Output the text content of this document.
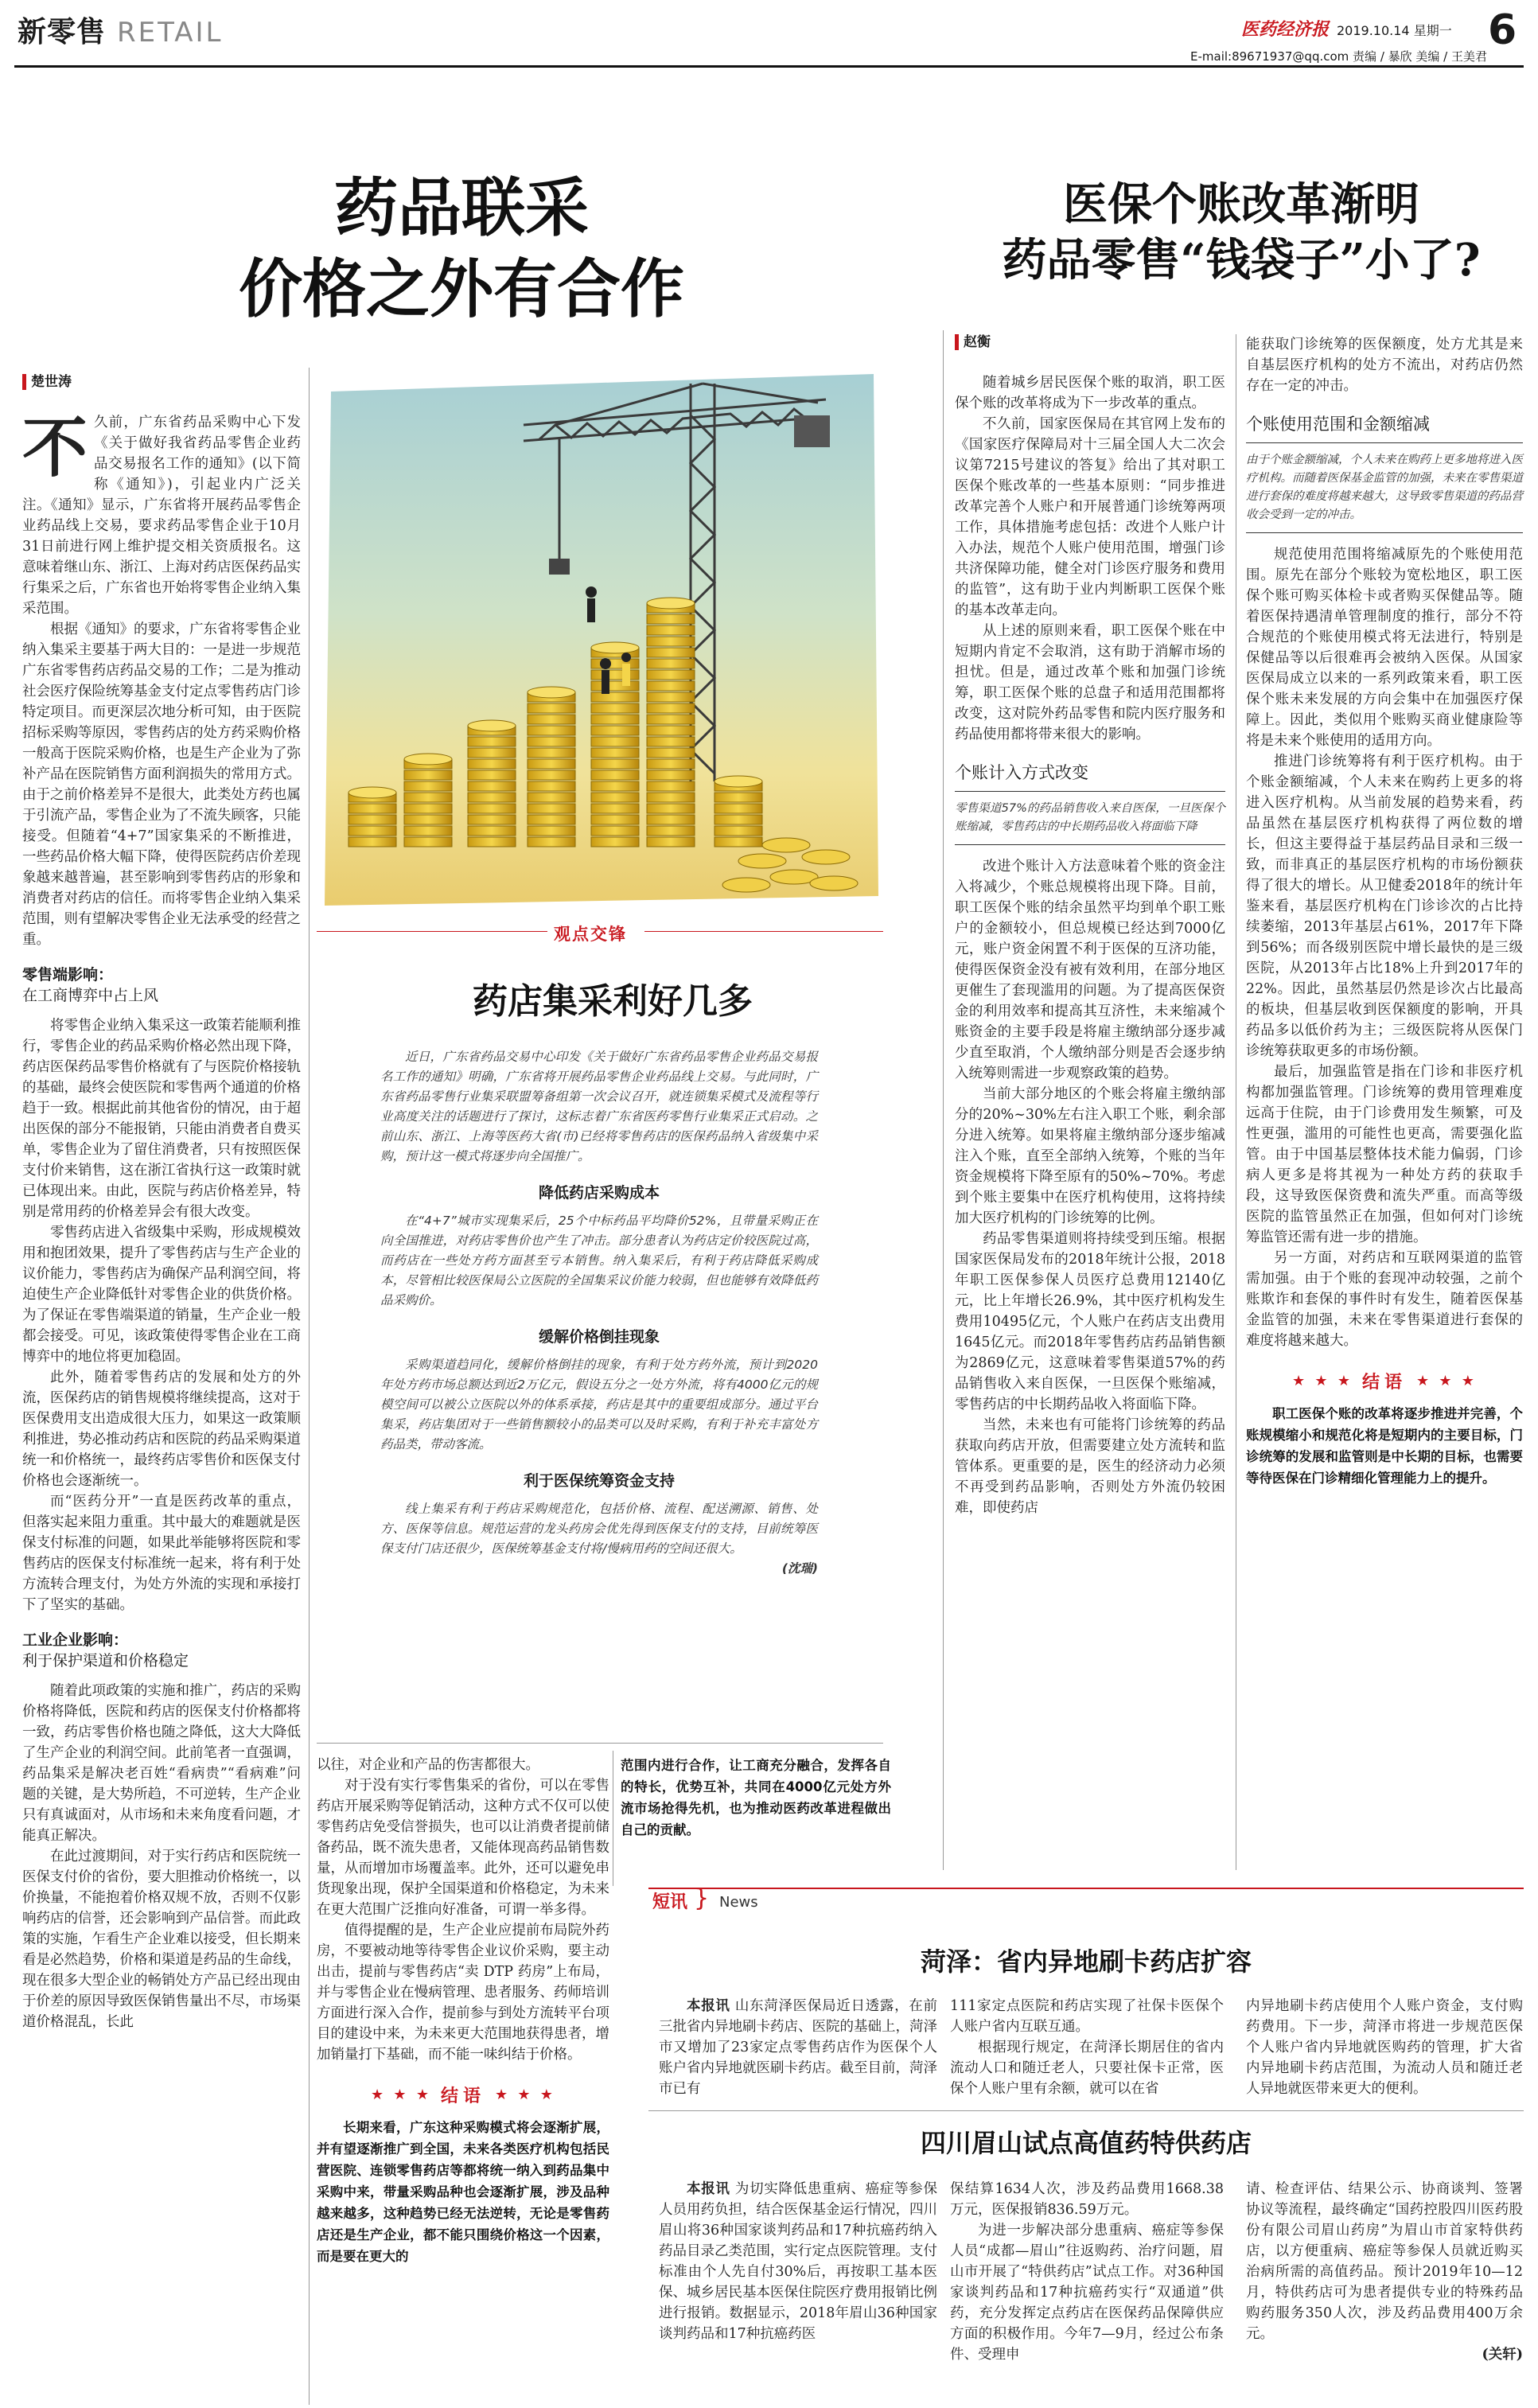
新零售 RETAIL	医药经济报 2019.10.14 星期一 6
E-mail:89671937@qq.com 责编 / 暴欣 美编 / 王美君
药品联采
价格之外有合作
医保个账改革渐明
药品零售“钱袋子”小了?
楚世涛
不 久前，广东省药品采购中心下发《关于做好我省药品零售企业药品交易报名工作的通知》(以下简称《通知》)，引起业内广泛关注。《通知》显示，广东省将开展药品零售企业药品线上交易，要求药品零售企业于10月31日前进行网上维护提交相关资质报名。这意味着继山东、浙江、上海对药店医保药品实行集采之后，广东省也开始将零售企业纳入集采范围。

根据《通知》的要求，广东省将零售企业纳入集采主要基于两大目的：一是进一步规范广东省零售药店药品交易的工作；二是为推动社会医疗保险统筹基金支付定点零售药店门诊特定项目。而更深层次地分析可知，由于医院招标采购等原因，零售药店的处方药采购价格一般高于医院采购价格，也是生产企业为了弥补产品在医院销售方面利润损失的常用方式。由于之前价格差异不是很大，此类处方药也属于引流产品，零售企业为了不流失顾客，只能接受。但随着“4+7”国家集采的不断推进，一些药品价格大幅下降，使得医院药店价差现象越来越普遍，甚至影响到零售药店的形象和消费者对药店的信任。而将零售企业纳入集采范围，则有望解决零售企业无法承受的经营之重。

零售端影响：
在工商博弈中占上风

将零售企业纳入集采这一政策若能顺利推行，零售企业的药品采购价格必然出现下降，药店医保药品零售价格就有了与医院价格接轨的基础，最终会使医院和零售两个通道的价格趋于一致。根据此前其他省份的情况，由于超出医保的部分不能报销，只能由消费者自费买单，零售企业为了留住消费者，只有按照医保支付价来销售，这在浙江省执行这一政策时就已体现出来。由此，医院与药店价格差异，特别是常用药的价格差异会有很大改变。

零售药店进入省级集中采购，形成规模效用和抱团效果，提升了零售药店与生产企业的议价能力，零售药店为确保产品利润空间，将迫使生产企业降低针对零售企业的供货价格。为了保证在零售端渠道的销量，生产企业一般都会接受。可见，该政策使得零售企业在工商博弈中的地位将更加稳固。

此外，随着零售药店的发展和处方的外流，医保药店的销售规模将继续提高，这对于医保费用支出造成很大压力，如果这一政策顺利推进，势必推动药店和医院的药品采购渠道统一和价格统一，最终药店零售价和医保支付价格也会逐渐统一。

而“医药分开”一直是医药改革的重点，但落实起来阻力重重。其中最大的难题就是医保支付标准的问题，如果此举能够将医院和零售药店的医保支付标准统一起来，将有利于处方流转合理支付，为处方外流的实现和承接打下了坚实的基础。

工业企业影响：
利于保护渠道和价格稳定

随着此项政策的实施和推广，药店的采购价格将降低，医院和药店的医保支付价格都将一致，药店零售价格也随之降低，这大大降低了生产企业的利润空间。此前笔者一直强调，药品集采是解决老百姓“看病贵”“看病难”问题的关键，是大势所趋，不可逆转，生产企业只有真诚面对，从市场和未来角度看问题，才能真正解决。

在此过渡期间，对于实行药店和医院统一医保支付价的省份，要大胆推动价格统一，以价换量，不能抱着价格双规不放，否则不仅影响药店的信誉，还会影响到产品信誉。而此政策的实施，乍看生产企业难以接受，但长期来看是必然趋势，价格和渠道是药品的生命线，现在很多大型企业的畅销处方产品已经出现由于价差的原因导致医保销售量出不尽，市场渠道价格混乱，长此

观点交锋
药店集采利好几多

近日，广东省药品交易中心印发《关于做好广东省药品零售企业药品交易报名工作的通知》明确，广东省将开展药品零售企业药品线上交易。与此同时，广东省药品零售行业集采联盟筹备组第一次会议召开，就连锁集采模式及流程等行业高度关注的话题进行了探讨，这标志着广东省医药零售行业集采正式启动。之前山东、浙江、上海等医药大省(市)已经将零售药店的医保药品纳入省级集中采购，预计这一模式将逐步向全国推广。

降低药店采购成本

在“4+7”城市实现集采后，25个中标药品平均降价52%，且带量采购正在向全国推进，对药店零售价也产生了冲击。部分患者认为药店定价较医院过高，而药店在一些处方药方面甚至亏本销售。纳入集采后，有利于药店降低采购成本，尽管相比较医保局公立医院的全国集采议价能力较弱，但也能够有效降低药品采购价。

缓解价格倒挂现象

采购渠道趋同化，缓解价格倒挂的现象，有利于处方药外流，预计到2020年处方药市场总额达到近2万亿元，假设五分之一处方外流，将有4000亿元的规模空间可以被公立医院以外的体系承接，药店是其中的重要组成部分。通过平台集采，药店集团对于一些销售额较小的品类可以及时采购，有利于补充丰富处方药品类，带动客流。

利于医保统筹资金支持

线上集采有利于药店采购规范化，包括价格、流程、配送溯源、销售、处方、医保等信息。规范运营的龙头药房会优先得到医保支付的支持，目前统筹医保支付门店还很少，医保统筹基金支付将/慢病用药的空间还很大。

(沈瑞)

以往，对企业和产品的伤害都很大。

对于没有实行零售集采的省份，可以在零售药店开展采购等促销活动，这种方式不仅可以使零售药店免受信誉损失，也可以让消费者提前储备药品，既不流失患者，又能体现高药品销售数量，从而增加市场覆盖率。此外，还可以避免串货现象出现，保护全国渠道和价格稳定，为未来在更大范围广泛推向好准备，可谓一举多得。

值得提醒的是，生产企业应提前布局院外药房，不要被动地等待零售企业议价采购，要主动出击，提前与零售药店“卖 DTP 药房”上布局，并与零售企业在慢病管理、患者服务、药师培训方面进行深入合作，提前参与到处方流转平台项目的建设中来，为未来更大范围地获得患者，增加销量打下基础，而不能一味纠结于价格。

★ ★ ★ 结语 ★ ★ ★

长期来看，广东这种采购模式将会逐渐扩展，并有望逐渐推广到全国，未来各类医疗机构包括民营医院、连锁零售药店等都将统一纳入到药品集中采购中来，带量采购品种也会逐渐扩展，涉及品种越来越多，这种趋势已经无法逆转，无论是零售药店还是生产企业，都不能只围绕价格这一个因素，而是要在更大的

范围内进行合作，让工商充分融合，发挥各自的特长，优势互补，共同在4000亿元处方外流市场抢得先机，也为推动医药改革进程做出自己的贡献。

赵衡

随着城乡居民医保个账的取消，职工医保个账的改革将成为下一步改革的重点。

不久前，国家医保局在其官网上发布的《国家医疗保障局对十三届全国人大二次会议第7215号建议的答复》给出了其对职工医保个账改革的一些基本原则：“同步推进改革完善个人账户和开展普通门诊统筹两项工作，具体措施考虑包括：改进个人账户计入办法，规范个人账户使用范围，增强门诊共济保障功能，健全对门诊医疗服务和费用的监管”，这有助于业内判断职工医保个账的基本改革走向。

从上述的原则来看，职工医保个账在中短期内肯定不会取消，这有助于消解市场的担忧。但是，通过改革个账和加强门诊统筹，职工医保个账的总盘子和适用范围都将改变，这对院外药品零售和院内医疗服务和药品使用都将带来很大的影响。

个账计入方式改变

零售渠道57%的药品销售收入来自医保，一旦医保个账缩减，零售药店的中长期药品收入将面临下降

改进个账计入方法意味着个账的资金注入将减少，个账总规模将出现下降。目前，职工医保个账的结余虽然平均到单个职工账户的金额较小，但总规模已经达到7000亿元，账户资金闲置不利于医保的互济功能，使得医保资金没有被有效利用，在部分地区更催生了套现滥用的问题。为了提高医保资金的利用效率和提高其互济性，未来缩减个账资金的主要手段是将雇主缴纳部分逐步减少直至取消，个人缴纳部分则是否会逐步纳入统筹则需进一步观察政策的趋势。

当前大部分地区的个账会将雇主缴纳部分的20%~30%左右注入职工个账，剩余部分进入统筹。如果将雇主缴纳部分逐步缩减注入个账，直至全部纳入统筹，个账的当年资金规模将下降至原有的50%~70%。考虑到个账主要集中在医疗机构使用，这将持续加大医疗机构的门诊统筹的比例。

药品零售渠道则将持续受到压缩。根据国家医保局发布的2018年统计公报，2018年职工医保参保人员医疗总费用12140亿元，比上年增长26.9%，其中医疗机构发生费用10495亿元，个人账户在药店支出费用1645亿元。而2018年零售药店药品销售额为2869亿元，这意味着零售渠道57%的药品销售收入来自医保，一旦医保个账缩减，零售药店的中长期药品收入将面临下降。

当然，未来也有可能将门诊统筹的药品获取向药店开放，但需要建立处方流转和监管体系。更重要的是，医生的经济动力必须不再受到药品影响，否则处方外流仍较困难，即使药店

能获取门诊统筹的医保额度，处方尤其是来自基层医疗机构的处方不流出，对药店仍然存在一定的冲击。

个账使用范围和金额缩减

由于个账金额缩减，个人未来在购药上更多地将进入医疗机构。而随着医保基金监管的加强，未来在零售渠道进行套保的难度将越来越大，这导致零售渠道的药品营收会受到一定的冲击。

规范使用范围将缩减原先的个账使用范围。原先在部分个账较为宽松地区，职工医保个账可购买体检卡或者购买保健品等。随着医保持遇清单管理制度的推行，部分不符合规范的个账使用模式将无法进行，特别是保健品等以后很难再会被纳入医保。从国家医保局成立以来的一系列政策来看，职工医保个账未来发展的方向会集中在加强医疗保障上。因此，类似用个账购买商业健康险等将是未来个账使用的适用方向。

推进门诊统筹将有利于医疗机构。由于个账金额缩减，个人未来在购药上更多的将进入医疗机构。从当前发展的趋势来看，药品虽然在基层医疗机构获得了两位数的增长，但这主要得益于基层药品目录和三级一致，而非真正的基层医疗机构的市场份额获得了很大的增长。从卫健委2018年的统计年鉴来看，基层医疗机构在门诊诊次的占比持续萎缩，2013年基层占61%，2017年下降到56%；而各级别医院中增长最快的是三级医院，从2013年占比18%上升到2017年的22%。因此，虽然基层仍然是诊次占比最高的板块，但基层收到医保额度的影响，开具药品多以低价药为主；三级医院将从医保门诊统筹获取更多的市场份额。

最后，加强监管是指在门诊和非医疗机构都加强监管理。门诊统筹的费用管理难度远高于住院，由于门诊费用发生频繁，可及性更强，滥用的可能性也更高，需要强化监管。由于中国基层整体技术能力偏弱，门诊病人更多是将其视为一种处方药的获取手段，这导致医保资费和流失严重。而高等级医院的监管虽然正在加强，但如何对门诊统筹监管还需有进一步的措施。

另一方面，对药店和互联网渠道的监管需加强。由于个账的套现冲动较强，之前个账欺诈和套保的事件时有发生，随着医保基金监管的加强，未来在零售渠道进行套保的难度将越来越大。

★ ★ ★ 结语 ★ ★ ★

职工医保个账的改革将逐步推进并完善，个账规模缩小和规范化将是短期内的主要目标，门诊统筹的发展和监管则是中长期的目标，也需要等待医保在门诊精细化管理能力上的提升。

短讯 } News
菏泽：省内异地刷卡药店扩容
本报讯 山东菏泽医保局近日透露，在前三批省内异地刷卡药店、医院的基础上，菏泽市又增加了23家定点零售药店作为医保个人账户省内异地就医刷卡药店。截至目前，菏泽市已有

111家定点医院和药店实现了社保卡医保个人账户省内互联互通。

根据现行规定，在菏泽长期居住的省内流动人口和随迁老人，只要社保卡正常，医保个人账户里有余额，就可以在省

内异地刷卡药店使用个人账户资金，支付购药费用。下一步，菏泽市将进一步规范医保个人账户省内异地就医购药的管理，扩大省内异地刷卡药店范围，为流动人员和随迁老人异地就医带来更大的便利。
四川眉山试点高值药特供药店
本报讯 为切实降低患重病、癌症等参保人员用药负担，结合医保基金运行情况，四川眉山将36种国家谈判药品和17种抗癌药纳入药品目录乙类范围，实行定点医院管理。支付标准由个人先自付30%后，再按职工基本医保、城乡居民基本医保住院医疗费用报销比例进行报销。数据显示，2018年眉山36种国家谈判药品和17种抗癌药医

保结算1634人次，涉及药品费用1668.38万元，医保报销836.59万元。

为进一步解决部分患重病、癌症等参保人员“成都—眉山”往返购药、治疗问题，眉山市开展了“特供药店”试点工作。对36种国家谈判药品和17种抗癌药实行“双通道”供药，充分发挥定点药店在医保药品保障供应方面的积极作用。今年7—9月，经过公布条件、受理申

请、检查评估、结果公示、协商谈判、签署协议等流程，最终确定“国药控股四川医药股份有限公司眉山药房”为眉山市首家特供药店，以方便重病、癌症等参保人员就近购买治病所需的高值药品。预计2019年10—12月，特供药店可为患者提供专业的特殊药品购药服务350人次，涉及药品费用400万余元。

(关轩)
